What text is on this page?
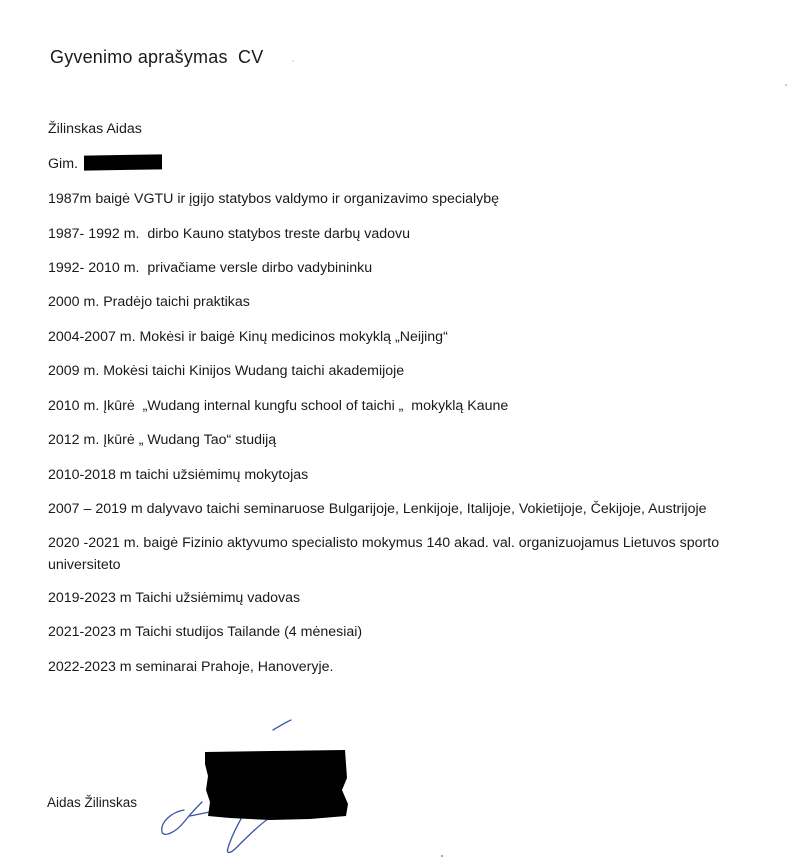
Gyvenimo aprašymas  CV
Žilinskas Aidas
Gim.
1987m baigė VGTU ir įgijo statybos valdymo ir organizavimo specialybę
1987- 1992 m.  dirbo Kauno statybos treste darbų vadovu
1992- 2010 m.  privačiame versle dirbo vadybininku
2000 m. Pradėjo taichi praktikas
2004-2007 m. Mokėsi ir baigė Kinų medicinos mokyklą „Neijing“
2009 m. Mokėsi taichi Kinijos Wudang taichi akademijoje
2010 m. Įkūrė  „Wudang internal kungfu school of taichi „  mokyklą Kaune
2012 m. Įkūrė „ Wudang Tao“ studiją
2010-2018 m taichi užsiėmimų mokytojas
2007 – 2019 m dalyvavo taichi seminaruose Bulgarijoje, Lenkijoje, Italijoje, Vokietijoje, Čekijoje, Austrijoje
2020 -2021 m. baigė Fizinio aktyvumo specialisto mokymus 140 akad. val. organizuojamus Lietuvos sporto universiteto
2019-2023 m Taichi užsiėmimų vadovas
2021-2023 m Taichi studijos Tailande (4 mėnesiai)
2022-2023 m seminarai Prahoje, Hanoveryje.
Aidas Žilinskas
